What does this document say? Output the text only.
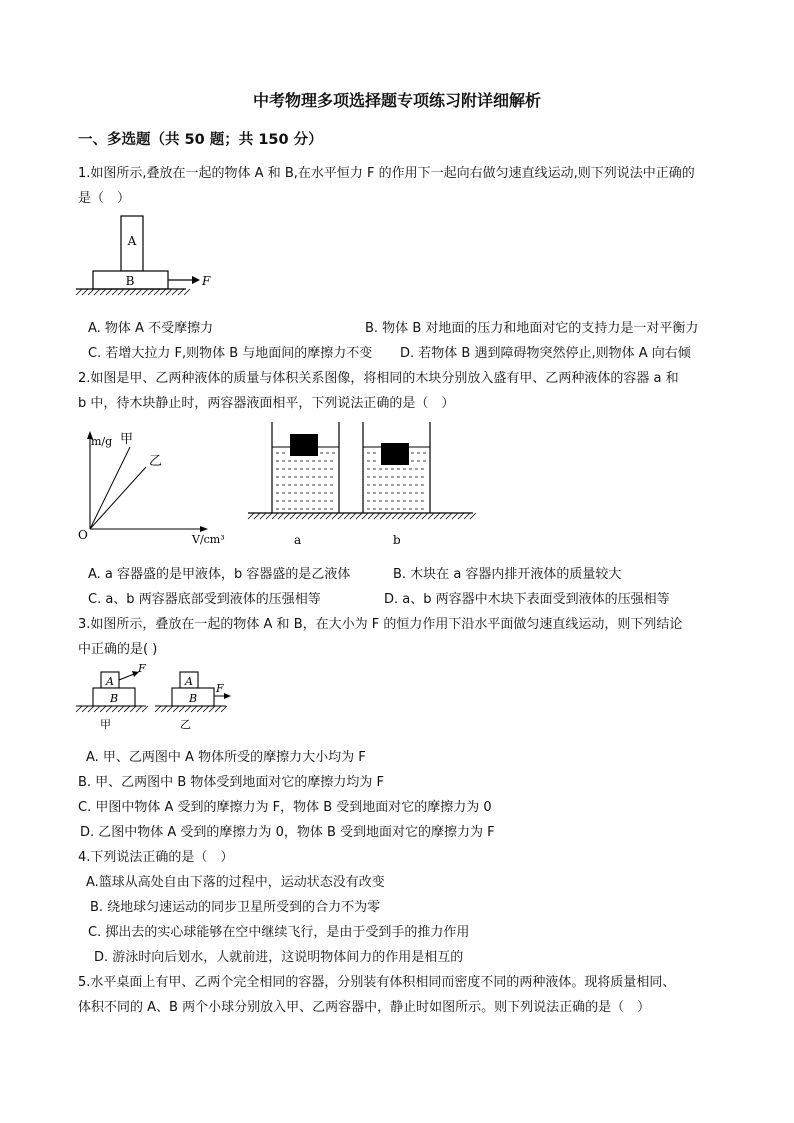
中考物理多项选择题专项练习附详细解析
一、多选题（共 50 题；共 150 分）
1.如图所示,叠放在一起的物体 A 和 B,在水平恒力 F 的作用下一起向右做匀速直线运动,则下列说法中正确的
是（　）
A
B	F
A. 物体 A 不受摩擦力	B. 物体 B 对地面的压力和地面对它的支持力是一对平衡力
C. 若增大拉力 F,则物体 B 与地面间的摩擦力不变 D. 若物体 B 遇到障碍物突然停止,则物体 A 向右倾
2.如图是甲、乙两种液体的质量与体积关系图像，将相同的木块分别放入盛有甲、乙两种液体的容器 a 和
b 中，待木块静止时，两容器液面相平，下列说法正确的是（　）
m/g 甲
乙
O	V/cm³	a	b
A. a 容器盛的是甲液体，b 容器盛的是乙液体	B. 木块在 a 容器内排开液体的质量较大
C. a、b 两容器底部受到液体的压强相等	D. a、b 两容器中木块下表面受到液体的压强相等
3.如图所示，叠放在一起的物体 A 和 B，在大小为 F 的恒力作用下沿水平面做匀速直线运动，则下列结论
中正确的是( )
A
F
B
甲
A
B
F
乙
A. 甲、乙两图中 A 物体所受的摩擦力大小均为 F
B. 甲、乙两图中 B 物体受到地面对它的摩擦力均为 F
C. 甲图中物体 A 受到的摩擦力为 F，物体 B 受到地面对它的摩擦力为 0
D. 乙图中物体 A 受到的摩擦力为 0，物体 B 受到地面对它的摩擦力为 F
4.下列说法正确的是（　）
A.篮球从高处自由下落的过程中，运动状态没有改变
B. 绕地球匀速运动的同步卫星所受到的合力不为零
C. 掷出去的实心球能够在空中继续飞行，是由于受到手的推力作用
D. 游泳时向后划水，人就前进，这说明物体间力的作用是相互的
5.水平桌面上有甲、乙两个完全相同的容器，分别装有体积相同而密度不同的两种液体。现将质量相同、
体积不同的 A、B 两个小球分别放入甲、乙两容器中，静止时如图所示。则下列说法正确的是（　）
